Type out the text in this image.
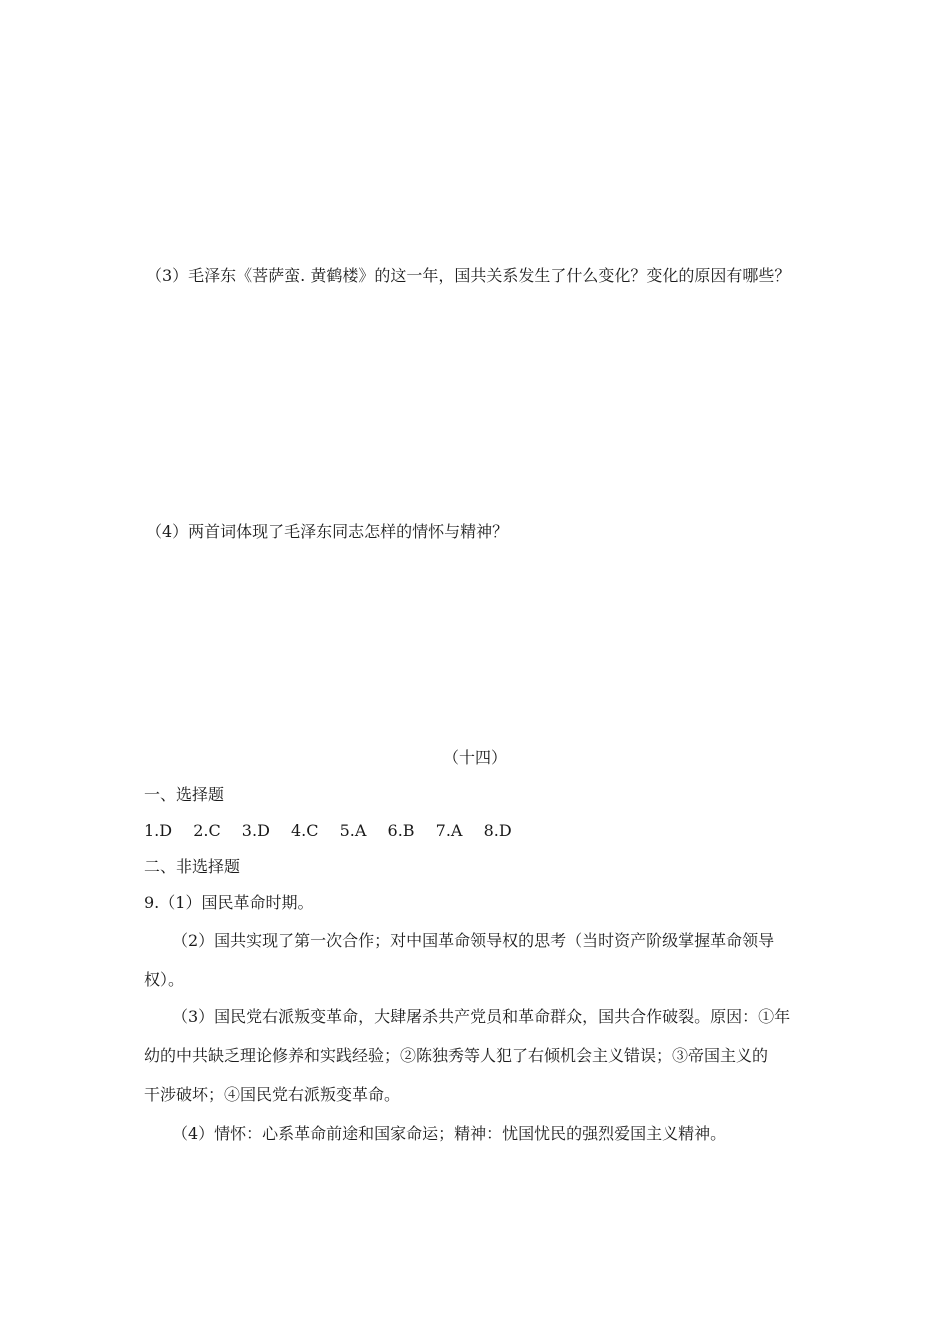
（3）毛泽东《菩萨蛮. 黄鹤楼》的这一年，国共关系发生了什么变化？变化的原因有哪些？
（4）两首词体现了毛泽东同志怎样的情怀与精神？
（十四）
一、选择题
1.D 2.C 3.D 4.C 5.A 6.B 7.A 8.D
二、非选择题
9.（1）国民革命时期。
（2）国共实现了第一次合作；对中国革命领导权的思考（当时资产阶级掌握革命领导
权）。
（3）国民党右派叛变革命，大肆屠杀共产党员和革命群众，国共合作破裂。原因：①年
幼的中共缺乏理论修养和实践经验；②陈独秀等人犯了右倾机会主义错误；③帝国主义的
干涉破坏；④国民党右派叛变革命。
（4）情怀：心系革命前途和国家命运；精神：忧国忧民的强烈爱国主义精神。
